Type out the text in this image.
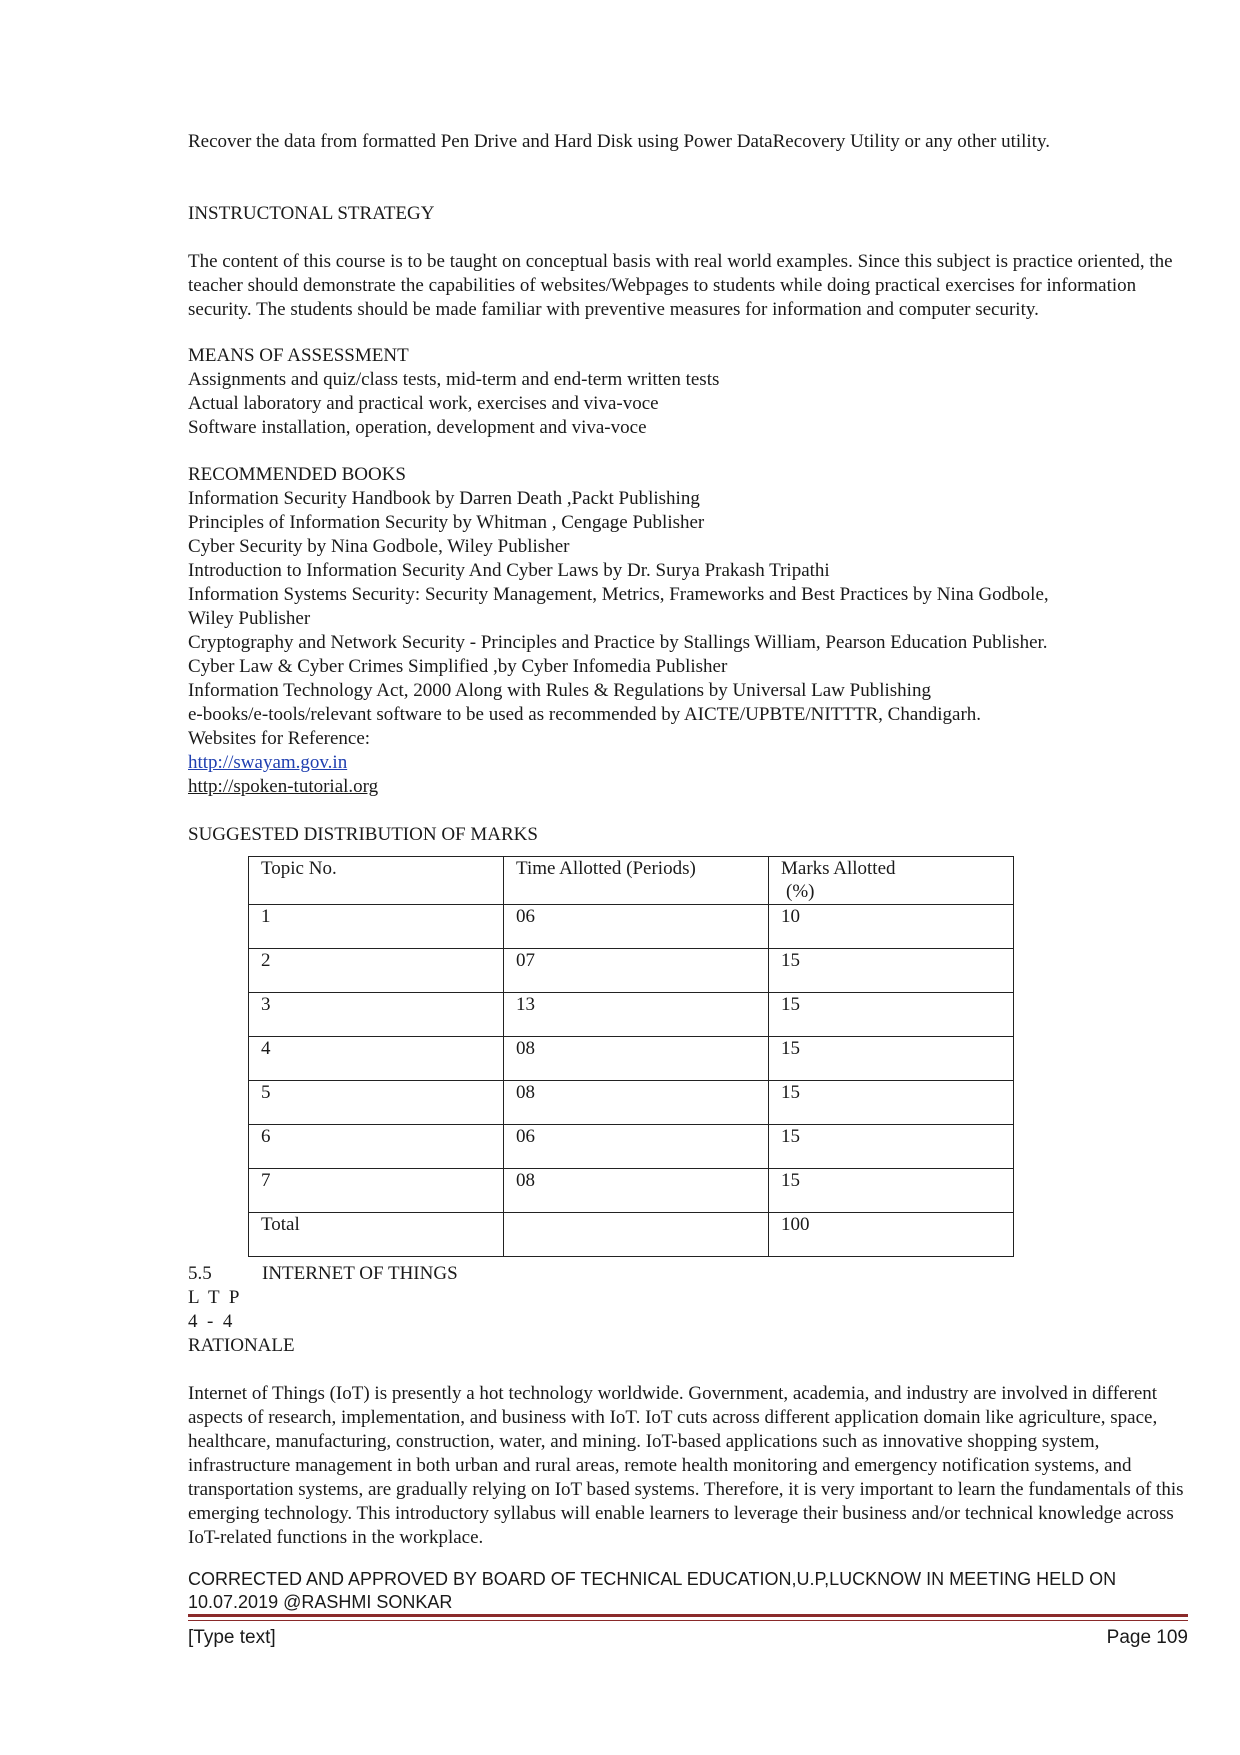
Recover the data from formatted Pen Drive and Hard Disk using Power DataRecovery Utility or any other utility.
INSTRUCTONAL STRATEGY
The content of this course is to be taught on conceptual basis with real world examples. Since this subject is practice oriented, the teacher should demonstrate the capabilities of websites/Webpages to students while doing practical exercises for information security. The students should be made familiar with preventive measures for information and computer security.
MEANS OF ASSESSMENT
Assignments and quiz/class tests, mid-term and end-term written tests
Actual laboratory and practical work, exercises and viva-voce
Software installation, operation, development and viva-voce
RECOMMENDED BOOKS
Information Security Handbook by Darren Death ,Packt Publishing
Principles of Information Security by Whitman , Cengage Publisher
Cyber Security by Nina Godbole, Wiley Publisher
Introduction to Information Security And Cyber Laws by Dr. Surya Prakash Tripathi
Information Systems Security: Security Management, Metrics, Frameworks and Best Practices by Nina Godbole,
Wiley Publisher
Cryptography and Network Security - Principles and Practice by Stallings William, Pearson Education Publisher.
Cyber Law & Cyber Crimes Simplified ,by Cyber Infomedia Publisher
Information Technology Act, 2000 Along with Rules & Regulations by Universal Law Publishing
e-books/e-tools/relevant software to be used as recommended by AICTE/UPBTE/NITTTR, Chandigarh.
Websites for Reference:
http://swayam.gov.in
http://spoken-tutorial.org
SUGGESTED DISTRIBUTION OF MARKS
Topic No.	Time Allotted (Periods)	Marks Allotted
(%)

1	06	10
2	07	15
3	13	15
4	08	15
5	08	15
6	06	15
7	08	15
Total		100
5.5	INTERNET OF THINGS
L  T  P
4  -  4
RATIONALE
Internet of Things (IoT) is presently a hot technology worldwide. Government, academia, and industry are involved in different aspects of research, implementation, and business with IoT. IoT cuts across different application domain like agriculture, space, healthcare, manufacturing, construction, water, and mining. IoT-based applications such as innovative shopping system, infrastructure management in both urban and rural areas, remote health monitoring and emergency notification systems, and transportation systems, are gradually relying on IoT based systems. Therefore, it is very important to learn the fundamentals of this emerging technology. This introductory syllabus will enable learners to leverage their business and/or technical knowledge across IoT-related functions in the workplace.
CORRECTED AND APPROVED BY BOARD OF TECHNICAL EDUCATION,U.P,LUCKNOW IN MEETING HELD ON 10.07.2019 @RASHMI SONKAR
[Type text]	Page 109
